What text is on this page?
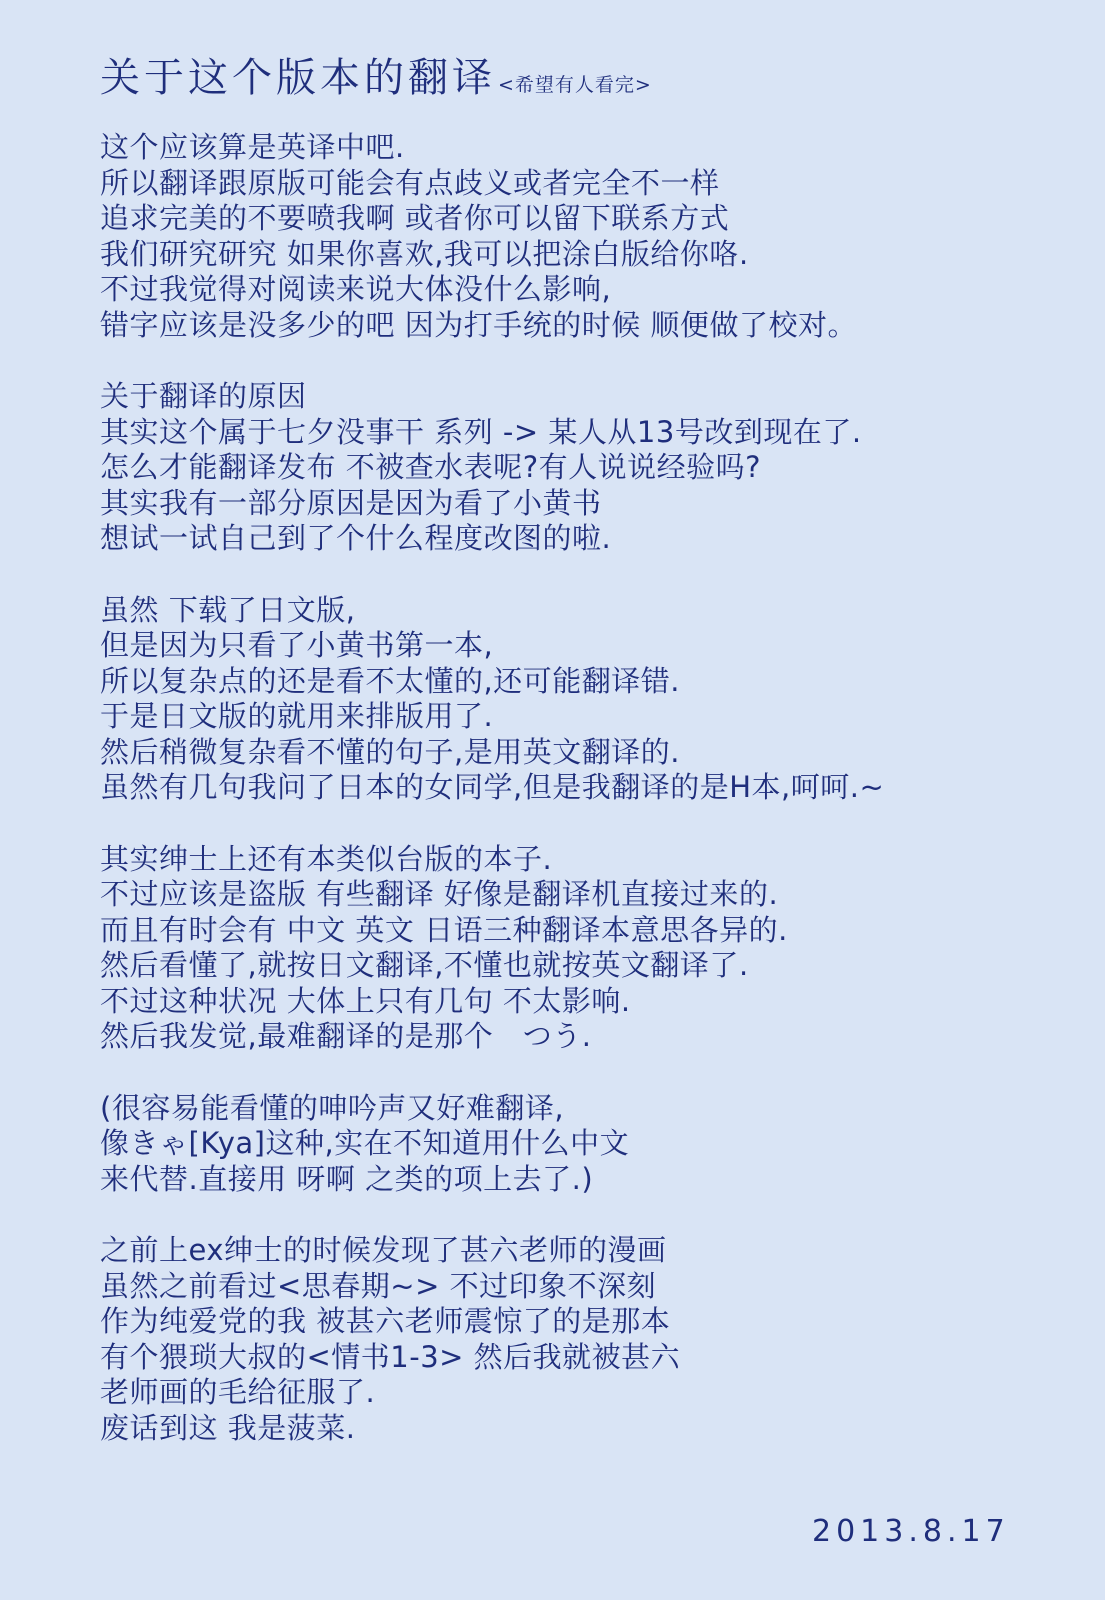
关于这个版本的翻译 <希望有人看完>
这个应该算是英译中吧.
所以翻译跟原版可能会有点歧义或者完全不一样
追求完美的不要喷我啊 或者你可以留下联系方式
我们研究研究 如果你喜欢,我可以把涂白版给你咯.
不过我觉得对阅读来说大体没什么影响,
错字应该是没多少的吧 因为打手统的时候 顺便做了校对。
关于翻译的原因
其实这个属于七夕没事干 系列 -> 某人从13号改到现在了.
怎么才能翻译发布 不被查水表呢?有人说说经验吗?
其实我有一部分原因是因为看了小黄书
想试一试自己到了个什么程度改图的啦.
虽然 下载了日文版,
但是因为只看了小黄书第一本,
所以复杂点的还是看不太懂的,还可能翻译错.
于是日文版的就用来排版用了.
然后稍微复杂看不懂的句子,是用英文翻译的.
虽然有几句我问了日本的女同学,但是我翻译的是H本,呵呵.~
其实绅士上还有本类似台版的本子.
不过应该是盗版 有些翻译 好像是翻译机直接过来的.
而且有时会有 中文 英文 日语三种翻译本意思各异的.
然后看懂了,就按日文翻译,不懂也就按英文翻译了.
不过这种状况 大体上只有几句 不太影响.
然后我发觉,最难翻译的是那个　つう.
(很容易能看懂的呻吟声又好难翻译,
像きゃ[Kya]这种,实在不知道用什么中文
来代替.直接用 呀啊 之类的项上去了.)
之前上ex绅士的时候发现了甚六老师的漫画
虽然之前看过<思春期~> 不过印象不深刻
作为纯爱党的我 被甚六老师震惊了的是那本
有个猥琐大叔的<情书1-3> 然后我就被甚六
老师画的毛给征服了.
废话到这 我是菠菜.
2013.8.17
